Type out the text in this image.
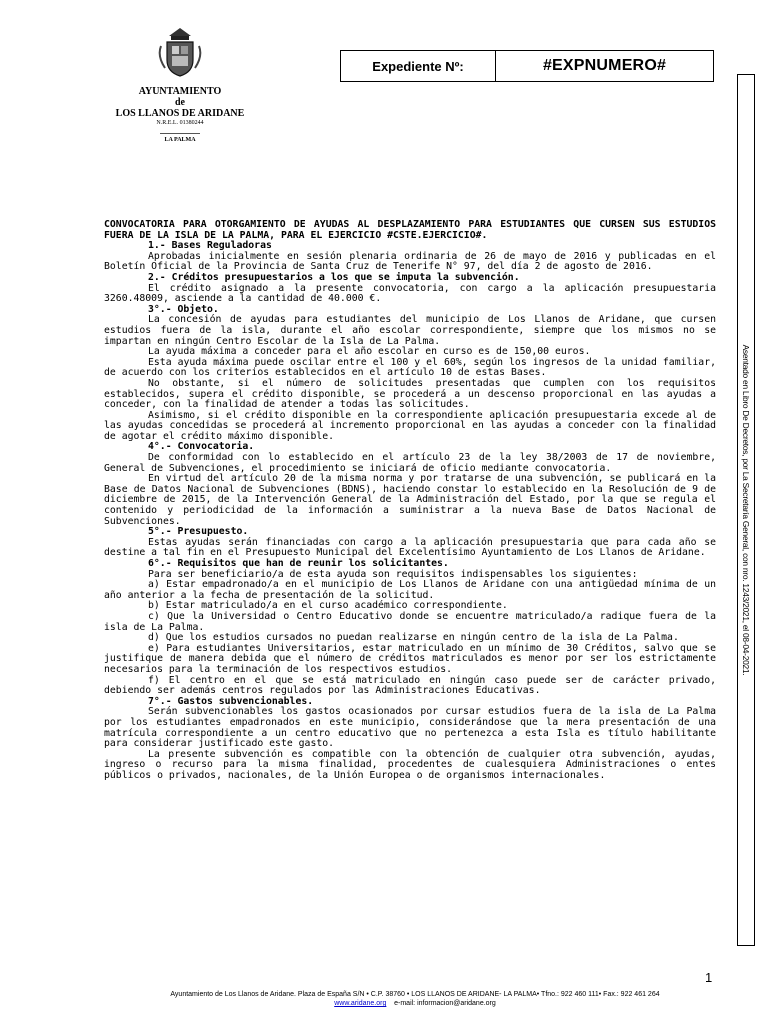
AYUNTAMIENTO
de
LOS LLANOS DE ARIDANE
N.R.E.L. 01380244
LA PALMA
Expediente Nº:	#EXPNUMERO#
Asentado en Libro De Decretos, por La Secretaría General, con nro. 1243/2021, el 08-04-2021.

CONVOCATORIA PARA OTORGAMIENTO DE AYUDAS AL DESPLAZAMIENTO PARA ESTUDIANTES QUE CURSEN SUS ESTUDIOS FUERA DE LA ISLA DE LA PALMA, PARA EL EJERCICIO #CSTE.EJERCICIO#.

1.- Bases Reguladoras

Aprobadas inicialmente en sesión plenaria ordinaria de 26 de mayo de 2016 y publicadas en el Boletín Oficial de la Provincia de Santa Cruz de Tenerife N° 97, del día 2 de agosto de 2016.

2.- Créditos presupuestarios a los que se imputa la subvención.

El crédito asignado a la presente convocatoria, con cargo a la aplicación presupuestaria 3260.48009, asciende a la cantidad de 40.000 €.

3°.- Objeto.

La concesión de ayudas para estudiantes del municipio de Los Llanos de Aridane, que cursen estudios fuera de la isla, durante el año escolar correspondiente, siempre que los mismos no se impartan en ningún Centro Escolar de la Isla de La Palma.

La ayuda máxima a conceder para el año escolar en curso es de 150,00 euros.

Esta ayuda máxima puede oscilar entre el 100 y el 60%, según los ingresos de la unidad familiar, de acuerdo con los criterios establecidos en el artículo 10 de estas Bases.

No obstante, si el número de solicitudes presentadas que cumplen con los requisitos establecidos, supera el crédito disponible, se procederá a un descenso proporcional en las ayudas a conceder, con la finalidad de atender a todas las solicitudes.

Asimismo, si el crédito disponible en la correspondiente aplicación presupuestaria excede al de las ayudas concedidas se procederá al incremento proporcional en las ayudas a conceder con la finalidad de agotar el crédito máximo disponible.

4°.- Convocatoria.

De conformidad con lo establecido en el artículo 23 de la ley 38/2003 de 17 de noviembre, General de Subvenciones, el procedimiento se iniciará de oficio mediante convocatoria.

En virtud del artículo 20 de la misma norma y por tratarse de una subvención, se publicará en la Base de Datos Nacional de Subvenciones (BDNS), haciendo constar lo establecido en la Resolución de 9 de diciembre de 2015, de la Intervención General de la Administración del Estado, por la que se regula el contenido y periodicidad de la información a suministrar a la nueva Base de Datos Nacional de Subvenciones.

5°.- Presupuesto.

Estas ayudas serán financiadas con cargo a la aplicación presupuestaria que para cada año se destine a tal fin en el Presupuesto Municipal del Excelentísimo Ayuntamiento de Los Llanos de Aridane.

6°.- Requisitos que han de reunir los solicitantes.

Para ser beneficiario/a de esta ayuda son requisitos indispensables los siguientes:

a) Estar empadronado/a en el municipio de Los Llanos de Aridane con una antigüedad mínima de un año anterior a la fecha de presentación de la solicitud.

b) Estar matriculado/a en el curso académico correspondiente.

c) Que la Universidad o Centro Educativo donde se encuentre matriculado/a radique fuera de la isla de La Palma.

d) Que los estudios cursados no puedan realizarse en ningún centro de la isla de La Palma.

e) Para estudiantes Universitarios, estar matriculado en un mínimo de 30 Créditos, salvo que se justifique de manera debida que el número de créditos matriculados es menor por ser los estrictamente necesarios para la terminación de los respectivos estudios.

f) El centro en el que se está matriculado en ningún caso puede ser de carácter privado, debiendo ser además centros regulados por las Administraciones Educativas.

7°.- Gastos subvencionables.

Serán subvencionables los gastos ocasionados por cursar estudios fuera de la isla de La Palma por los estudiantes empadronados en este municipio, considerándose que la mera presentación de una matrícula correspondiente a un centro educativo que no pertenezca a esta Isla es título habilitante para considerar justificado este gasto.

La presente subvención es compatible con la obtención de cualquier otra subvención, ayudas, ingreso o recurso para la misma finalidad, procedentes de cualesquiera Administraciones o entes públicos o privados, nacionales, de la Unión Europea o de organismos internacionales.

1
Ayuntamiento de Los Llanos de Aridane. Plaza de España S/N • C.P. 38760 • LOS LLANOS DE ARIDANE- LA PALMA• Tfno.: 922 460 111• Fax.: 922 461 264
www.aridane.org e-mail: informacion@aridane.org
